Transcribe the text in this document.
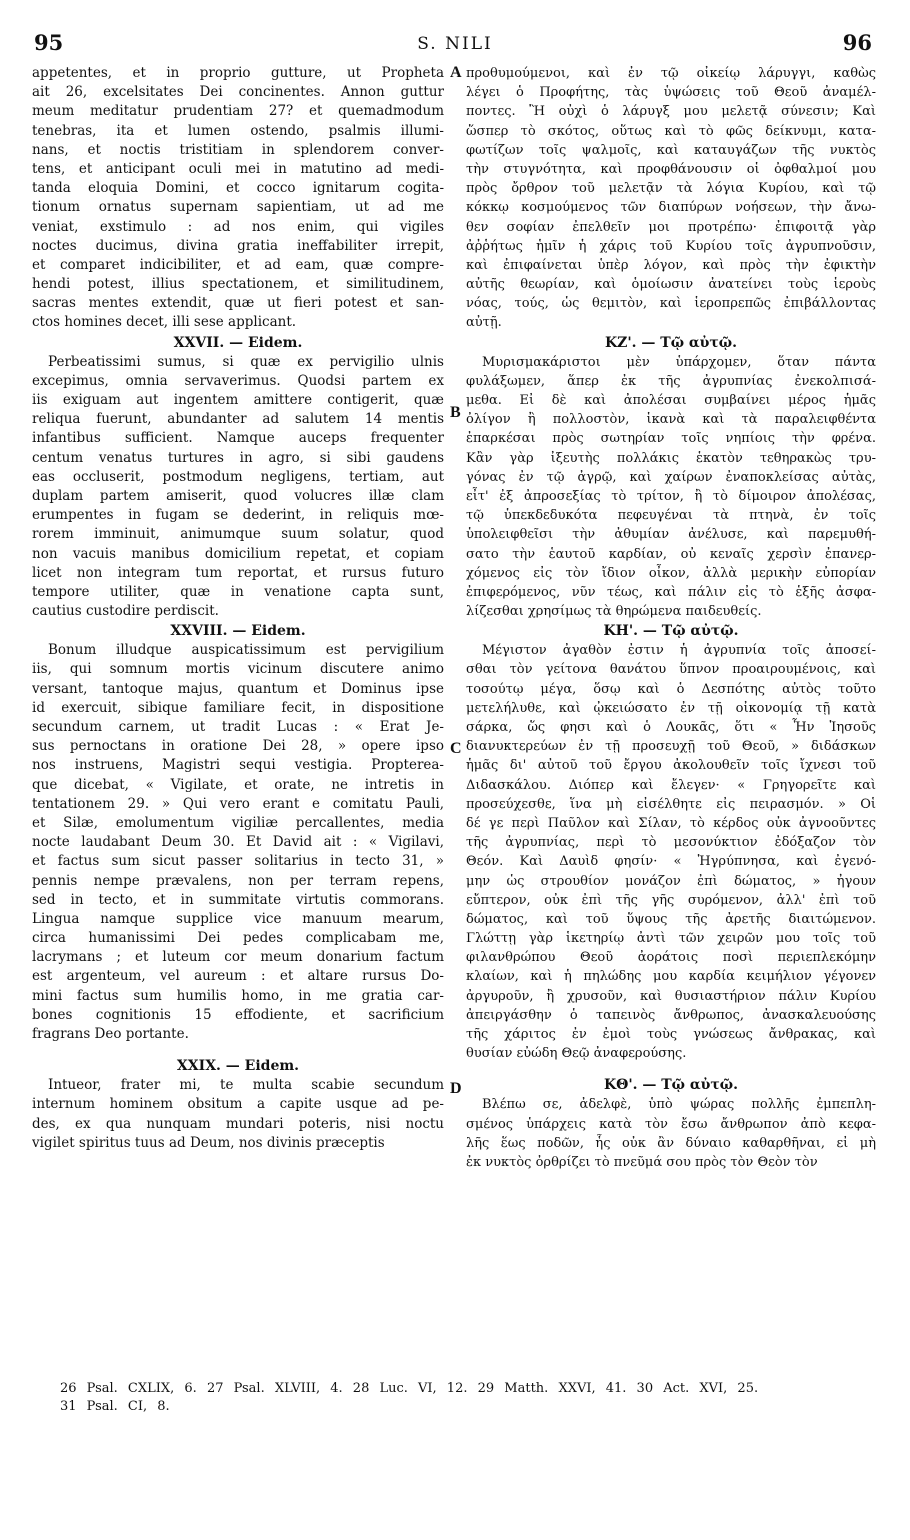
95	S. NILI	96
A
B
C
D
appetentes, et in proprio gutture, ut Propheta
ait 26, excelsitates Dei concinentes. Annon guttur
meum meditatur prudentiam 27? et quemadmodum
tenebras, ita et lumen ostendo, psalmis illumi-
nans, et noctis tristitiam in splendorem conver-
tens, et anticipant oculi mei in matutino ad medi-
tanda eloquia Domini, et cocco ignitarum cogita-
tionum ornatus supernam sapientiam, ut ad me
veniat, exstimulo : ad nos enim, qui vigiles
noctes ducimus, divina gratia ineffabiliter irrepit,
et comparet indicibiliter, et ad eam, quæ compre-
hendi potest, illius spectationem, et similitudinem,
sacras mentes extendit, quæ ut fieri potest et san-
ctos homines decet, illi sese applicant.
XXVII. — Eidem.
Perbeatissimi sumus, si quæ ex pervigilio ulnis
excepimus, omnia servaverimus. Quodsi partem ex
iis exiguam aut ingentem amittere contigerit, quæ
reliqua fuerunt, abundanter ad salutem 14 mentis
infantibus sufficient. Namque auceps frequenter
centum venatus turtures in agro, si sibi gaudens
eas occluserit, postmodum negligens, tertiam, aut
duplam partem amiserit, quod volucres illæ clam
erumpentes in fugam se dederint, in reliquis mœ-
rorem imminuit, animumque suum solatur, quod
non vacuis manibus domicilium repetat, et copiam
licet non integram tum reportat, et rursus futuro
tempore utiliter, quæ in venatione capta sunt,
cautius custodire perdiscit.
XXVIII. — Eidem.
Bonum illudque auspicatissimum est pervigilium
iis, qui somnum mortis vicinum discutere animo
versant, tantoque majus, quantum et Dominus ipse
id exercuit, sibique familiare fecit, in dispositione
secundum carnem, ut tradit Lucas : « Erat Je-
sus pernoctans in oratione Dei 28, » opere ipso
nos instruens, Magistri sequi vestigia. Propterea-
que dicebat, « Vigilate, et orate, ne intretis in
tentationem 29. » Qui vero erant e comitatu Pauli,
et Silæ, emolumentum vigiliæ percallentes, media
nocte laudabant Deum 30. Et David ait : « Vigilavi,
et factus sum sicut passer solitarius in tecto 31, »
pennis nempe prævalens, non per terram repens,
sed in tecto, et in summitate virtutis commorans.
Lingua namque supplice vice manuum mearum,
circa humanissimi Dei pedes complicabam me,
lacrymans ; et luteum cor meum donarium factum
est argenteum, vel aureum : et altare rursus Do-
mini factus sum humilis homo, in me gratia car-
bones cognitionis 15 effodiente, et sacrificium
fragrans Deo portante.
XXIX. — Eidem.
Intueor, frater mi, te multa scabie secundum
internum hominem obsitum a capite usque ad pe-
des, ex qua nunquam mundari poteris, nisi noctu
vigilet spiritus tuus ad Deum, nos divinis præceptis
προθυμούμενοι, καὶ ἐν τῷ οἰκείῳ λάρυγγι, καθὼς
λέγει ὁ Προφήτης, τὰς ὑψώσεις τοῦ Θεοῦ ἀναμέλ-
ποντες. Ἢ οὐχὶ ὁ λάρυγξ μου μελετᾷ σύνεσιν; Καὶ
ὥσπερ τὸ σκότος, οὕτως καὶ τὸ φῶς δείκνυμι, κατα-
φωτίζων τοῖς ψαλμοῖς, καὶ καταυγάζων τῆς νυκτὸς
τὴν στυγνότητα, καὶ προφθάνουσιν οἱ ὀφθαλμοί μου
πρὸς ὄρθρον τοῦ μελετᾷν τὰ λόγια Κυρίου, καὶ τῷ
κόκκῳ κοσμούμενος τῶν διαπύρων νοήσεων, τὴν ἄνω-
θεν σοφίαν ἐπελθεῖν μοι προτρέπω· ἐπιφοιτᾷ γὰρ
ἀῤῥήτως ἡμῖν ἡ χάρις τοῦ Κυρίου τοῖς ἀγρυπνοῦσιν,
καὶ ἐπιφαίνεται ὑπὲρ λόγον, καὶ πρὸς τὴν ἐφικτὴν
αὐτῆς θεωρίαν, καὶ ὁμοίωσιν ἀνατείνει τοὺς ἱεροὺς
νόας, τούς, ὡς θεμιτὸν, καὶ ἱεροπρεπῶς ἐπιβάλλοντας
αὐτῇ.
ΚΖ'. — Τῷ αὐτῷ.
Μυρισμακάριστοι μὲν ὑπάρχομεν, ὅταν πάντα
φυλάξωμεν, ἅπερ ἐκ τῆς ἀγρυπνίας ἐνεκολπισά-
μεθα. Εἰ δὲ καὶ ἀπολέσαι συμβαίνει μέρος ἡμᾶς
ὀλίγον ἢ πολλοστὸν, ἱκανὰ καὶ τὰ παραλειφθέντα
ἐπαρκέσαι πρὸς σωτηρίαν τοῖς νηπίοις τὴν φρένα.
Κἂν γὰρ ἰξευτὴς πολλάκις ἑκατὸν τεθηρακὼς τρυ-
γόνας ἐν τῷ ἀγρῷ, καὶ χαίρων ἐναποκλείσας αὐτὰς,
εἶτ' ἐξ ἀπροσεξίας τὸ τρίτον, ἢ τὸ δίμοιρον ἀπολέσας,
τῷ ὑπεκδεδυκότα πεφευγέναι τὰ πτηνὰ, ἐν τοῖς
ὑπολειφθεῖσι τὴν ἀθυμίαν ἀνέλυσε, καὶ παρεμυθή-
σατο τὴν ἑαυτοῦ καρδίαν, οὐ κεναῖς χερσὶν ἐπανερ-
χόμενος εἰς τὸν ἴδιον οἶκον, ἀλλὰ μερικὴν εὐπορίαν
ἐπιφερόμενος, νῦν τέως, καὶ πάλιν εἰς τὸ ἑξῆς ἀσφα-
λίζεσθαι χρησίμως τὰ θηρώμενα παιδευθείς.
ΚΗ'. — Τῷ αὐτῷ.
Μέγιστον ἀγαθὸν ἐστιν ἡ ἀγρυπνία τοῖς ἀποσεί-
σθαι τὸν γείτονα θανάτου ὕπνον προαιρουμένοις, καὶ
τοσούτῳ μέγα, ὅσῳ καὶ ὁ Δεσπότης αὐτὸς τοῦτο
μετελήλυθε, καὶ ᾠκειώσατο ἐν τῇ οἰκονομίᾳ τῇ κατὰ
σάρκα, ὥς φησι καὶ ὁ Λουκᾶς, ὅτι « Ἦν Ἰησοῦς
διανυκτερεύων ἐν τῇ προσευχῇ τοῦ Θεοῦ, » διδάσκων
ἡμᾶς δι' αὐτοῦ τοῦ ἔργου ἀκολουθεῖν τοῖς ἴχνεσι τοῦ
Διδασκάλου. Διόπερ καὶ ἔλεγεν· « Γρηγορεῖτε καὶ
προσεύχεσθε, ἵνα μὴ εἰσέλθητε εἰς πειρασμόν. » Οἱ
δέ γε περὶ Παῦλον καὶ Σίλαν, τὸ κέρδος οὐκ ἀγνοοῦντες
τῆς ἀγρυπνίας, περὶ τὸ μεσονύκτιον ἐδόξαζον τὸν
Θεόν. Καὶ Δαυὶδ φησίν· « Ἠγρύπνησα, καὶ ἐγενό-
μην ὡς στρουθίον μονάζον ἐπὶ δώματος, » ἠγουν
εὔπτερον, οὐκ ἐπὶ τῆς γῆς συρόμενον, ἀλλ' ἐπὶ τοῦ
δώματος, καὶ τοῦ ὕψους τῆς ἀρετῆς διαιτώμενον.
Γλώττῃ γὰρ ἱκετηρίῳ ἀντὶ τῶν χειρῶν μου τοῖς τοῦ
φιλανθρώπου Θεοῦ ἀοράτοις ποσὶ περιεπλεκόμην
κλαίων, καὶ ἡ πηλώδης μου καρδία κειμήλιον γέγονεν
ἀργυροῦν, ἢ χρυσοῦν, καὶ θυσιαστήριον πάλιν Κυρίου
ἀπειργάσθην ὁ ταπεινὸς ἄνθρωπος, ἀνασκαλευούσης
τῆς χάριτος ἐν ἐμοὶ τοὺς γνώσεως ἄνθρακας, καὶ
θυσίαν εὐώδη Θεῷ ἀναφερούσης.
ΚΘ'. — Τῷ αὐτῷ.
Βλέπω σε, ἀδελφὲ, ὑπὸ ψώρας πολλῆς ἐμπεπλη-
σμένος ὑπάρχεις κατὰ τὸν ἔσω ἄνθρωπον ἀπὸ κεφα-
λῆς ἕως ποδῶν, ἧς οὐκ ἂν δύναιο καθαρθῆναι, εἰ μὴ
ἐκ νυκτὸς ὀρθρίζει τὸ πνεῦμά σου πρὸς τὸν Θεὸν τὸν
26 Psal. CXLIX, 6. 27 Psal. XLVIII, 4. 28 Luc. VI, 12. 29 Matth. XXVI, 41. 30 Act. XVI, 25.
31 Psal. CI, 8.
